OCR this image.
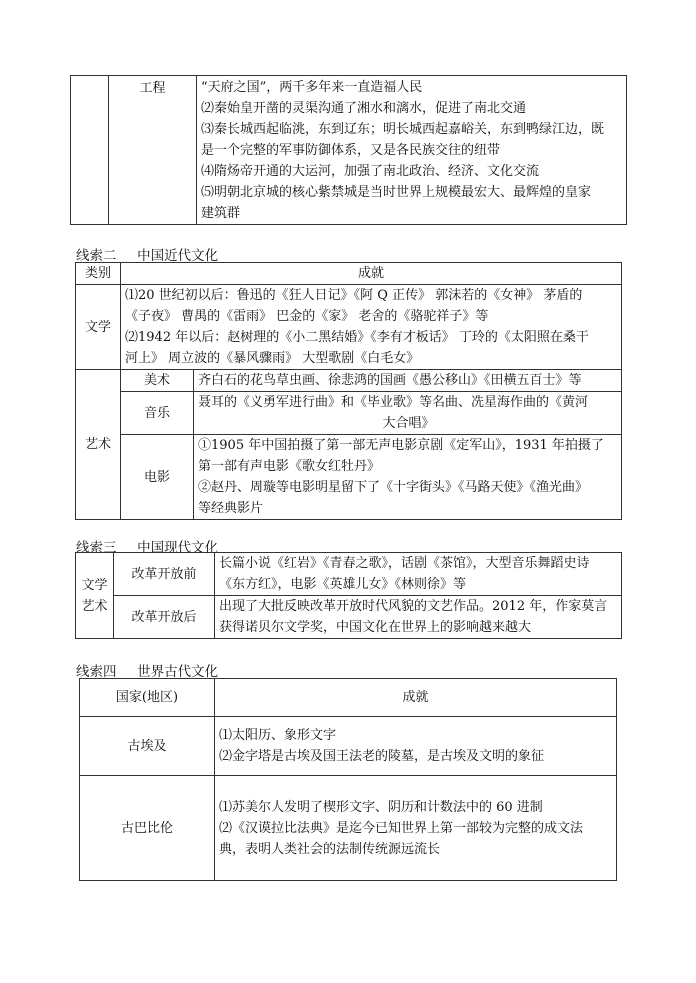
	工程	“天府之国”，两千多年来一直造福人民
⑵秦始皇开凿的灵渠沟通了湘水和漓水，促进了南北交通
⑶秦长城西起临洮，东到辽东；明长城西起嘉峪关，东到鸭绿江边，既
是一个完整的军事防御体系，又是各民族交往的纽带
⑷隋炀帝开通的大运河，加强了南北政治、经济、文化交流
⑸明朝北京城的核心紫禁城是当时世界上规模最宏大、最辉煌的皇家
建筑群
线索二 中国近代文化
类别	成就	
文学	⑴20 世纪初以后：鲁迅的《狂人日记》《阿 Q 正传》 郭沫若的《女神》 茅盾的
《子夜》 曹禺的《雷雨》 巴金的《家》 老舍的《骆驼祥子》等
⑵1942 年以后：赵树理的《小二黑结婚》《李有才板话》 丁玲的《太阳照在桑干
河上》 周立波的《暴风骤雨》 大型歌剧《白毛女》	

艺术	美术	齐白石的花鸟草虫画、徐悲鸿的国画《愚公移山》《田横五百士》等
	音乐	聂耳的《义勇军进行曲》和《毕业歌》等名曲、冼星海作曲的《黄河
大合唱》

	电影	①1905 年中国拍摄了第一部无声电影京剧《定军山》，1931 年拍摄了
第一部有声电影《歌女红牡丹》
②赵丹、周璇等电影明星留下了《十字街头》《马路天使》《渔光曲》
等经典影片
线索三 中国现代文化
文学
艺术	改革开放前	长篇小说《红岩》《青春之歌》，话剧《茶馆》，大型音乐舞蹈史诗
《东方红》，电影《英雄儿女》《林则徐》等

	改革开放后	出现了大批反映改革开放时代风貌的文艺作品。2012 年，作家莫言
获得诺贝尔文学奖，中国文化在世界上的影响越来越大
线索四 世界古代文化
国家(地区)	成就
古埃及	⑴太阳历、象形文字
⑵金字塔是古埃及国王法老的陵墓，是古埃及文明的象征

古巴比伦	⑴苏美尔人发明了楔形文字、阴历和计数法中的 60 进制
⑵《汉谟拉比法典》是迄今已知世界上第一部较为完整的成文法
典，表明人类社会的法制传统源远流长
